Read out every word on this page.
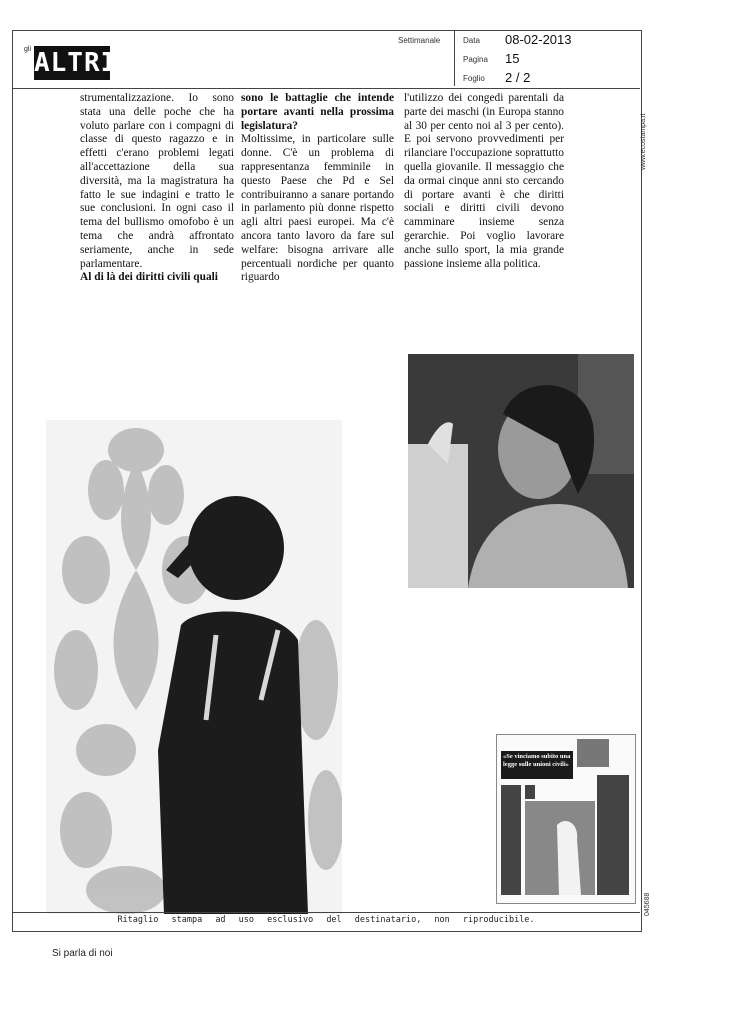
gli ALTRI
Settimanale	Data 08-02-2013
Pagina 15
Foglio 2 / 2
www.ecostampa.it
045688

strumentalizzazione. Io sono stata una delle poche che ha voluto parlare con i compagni di classe di questo ragazzo e in effetti c'erano problemi legati all'accettazione della sua diversità, ma la magistratura ha fatto le sue indagini e tratto le sue conclusioni. In ogni caso il tema del bullismo omofobo è un tema che andrà affrontato seriamente, anche in sede parlamentare.

Al di là dei diritti civili quali

sono le battaglie che intende portare avanti nella prossima legislatura?

Moltissime, in particolare sulle donne. C'è un problema di rappresentanza femminile in questo Paese che Pd e Sel contribuiranno a sanare portando in parlamento più donne rispetto agli altri paesi europei. Ma c'è ancora tanto lavoro da fare sul welfare: bisogna arrivare alle percentuali nordiche per quanto riguardo

l'utilizzo dei congedi parentali da parte dei maschi (in Europa stanno al 30 per cento noi al 3 per cento). E poi servono provvedimenti per rilanciare l'occupazione soprattutto quella giovanile. Il messaggio che da ormai cinque anni sto cercando di portare avanti è che diritti sociali e diritti civili devono camminare insieme senza gerarchie. Poi voglio lavorare anche sullo sport, la mia grande passione insieme alla politica.

«Se vinciamo subito una legge sulle unioni civili»
Ritaglio stampa ad uso esclusivo del destinatario, non riproducibile.
Si parla di noi
